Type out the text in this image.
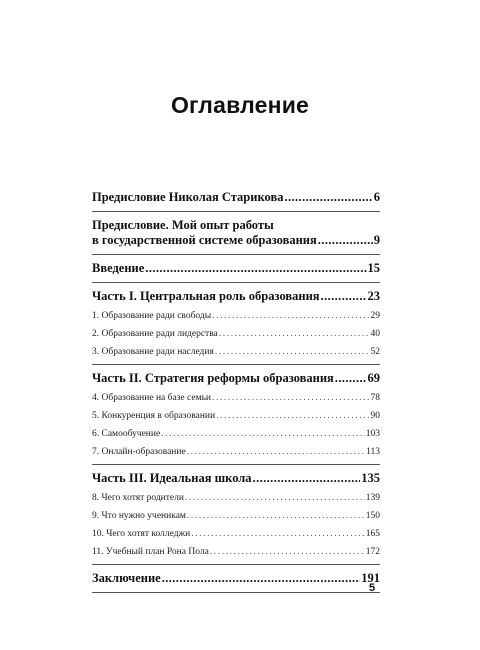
Оглавление
Предисловие Николая Старикова .....	6
Предисловие. Мой опыт работы
в государственной системе образования .....	9
Введение .....	15
Часть I. Центральная роль образования .....	23
1. Образование ради свободы .....	29
2. Образование ради лидерства .....	40
3. Образование ради наследия .....	52
Часть II. Стратегия реформы образования .....	69
4. Образование на базе семьи .....	78
5. Конкуренция в образовании .....	90
6. Самообучение .....	103
7. Онлайн-образование .....	113
Часть III. Идеальная школа .....	135
8. Чего хотят родители .....	139
9. Что нужно ученикам .....	150
10. Чего хотят колледжи .....	165
11. Учебный план Рона Пола .....	172
Заключение .....	191
5
